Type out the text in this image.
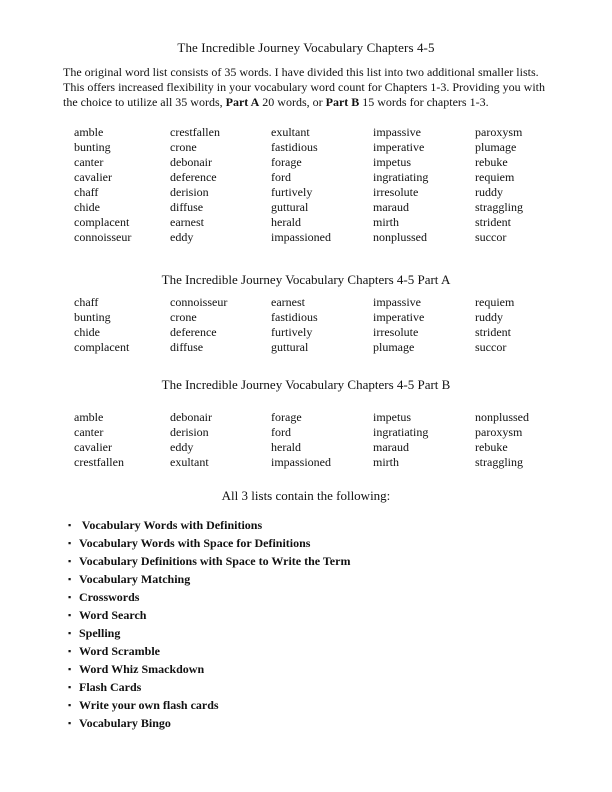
The Incredible Journey Vocabulary Chapters 4-5
The original word list consists of 35 words. I have divided this list into two additional smaller lists.
This offers increased flexibility in your vocabulary word count for Chapters 1-3. Providing you with
the choice to utilize all 35 words, Part A 20 words, or Part B 15 words for chapters 1-3.
amble
bunting
canter
cavalier
chaff
chide
complacent
connoisseur
crestfallen
crone
debonair
deference
derision
diffuse
earnest
eddy
exultant
fastidious
forage
ford
furtively
guttural
herald
impassioned
impassive
imperative
impetus
ingratiating
irresolute
maraud
mirth
nonplussed
paroxysm
plumage
rebuke
requiem
ruddy
straggling
strident
succor
The Incredible Journey Vocabulary Chapters 4-5 Part A
chaff
bunting
chide
complacent
connoisseur
crone
deference
diffuse
earnest
fastidious
furtively
guttural
impassive
imperative
irresolute
plumage
requiem
ruddy
strident
succor
The Incredible Journey Vocabulary Chapters 4-5 Part B
amble
canter
cavalier
crestfallen
debonair
derision
eddy
exultant
forage
ford
herald
impassioned
impetus
ingratiating
maraud
mirth
nonplussed
paroxysm
rebuke
straggling
All 3 lists contain the following:
▪ Vocabulary Words with Definitions
▪ Vocabulary Words with Space for Definitions
▪ Vocabulary Definitions with Space to Write the Term
▪ Vocabulary Matching
▪ Crosswords
▪ Word Search
▪ Spelling
▪ Word Scramble
▪ Word Whiz Smackdown
▪ Flash Cards
▪ Write your own flash cards
▪ Vocabulary Bingo
